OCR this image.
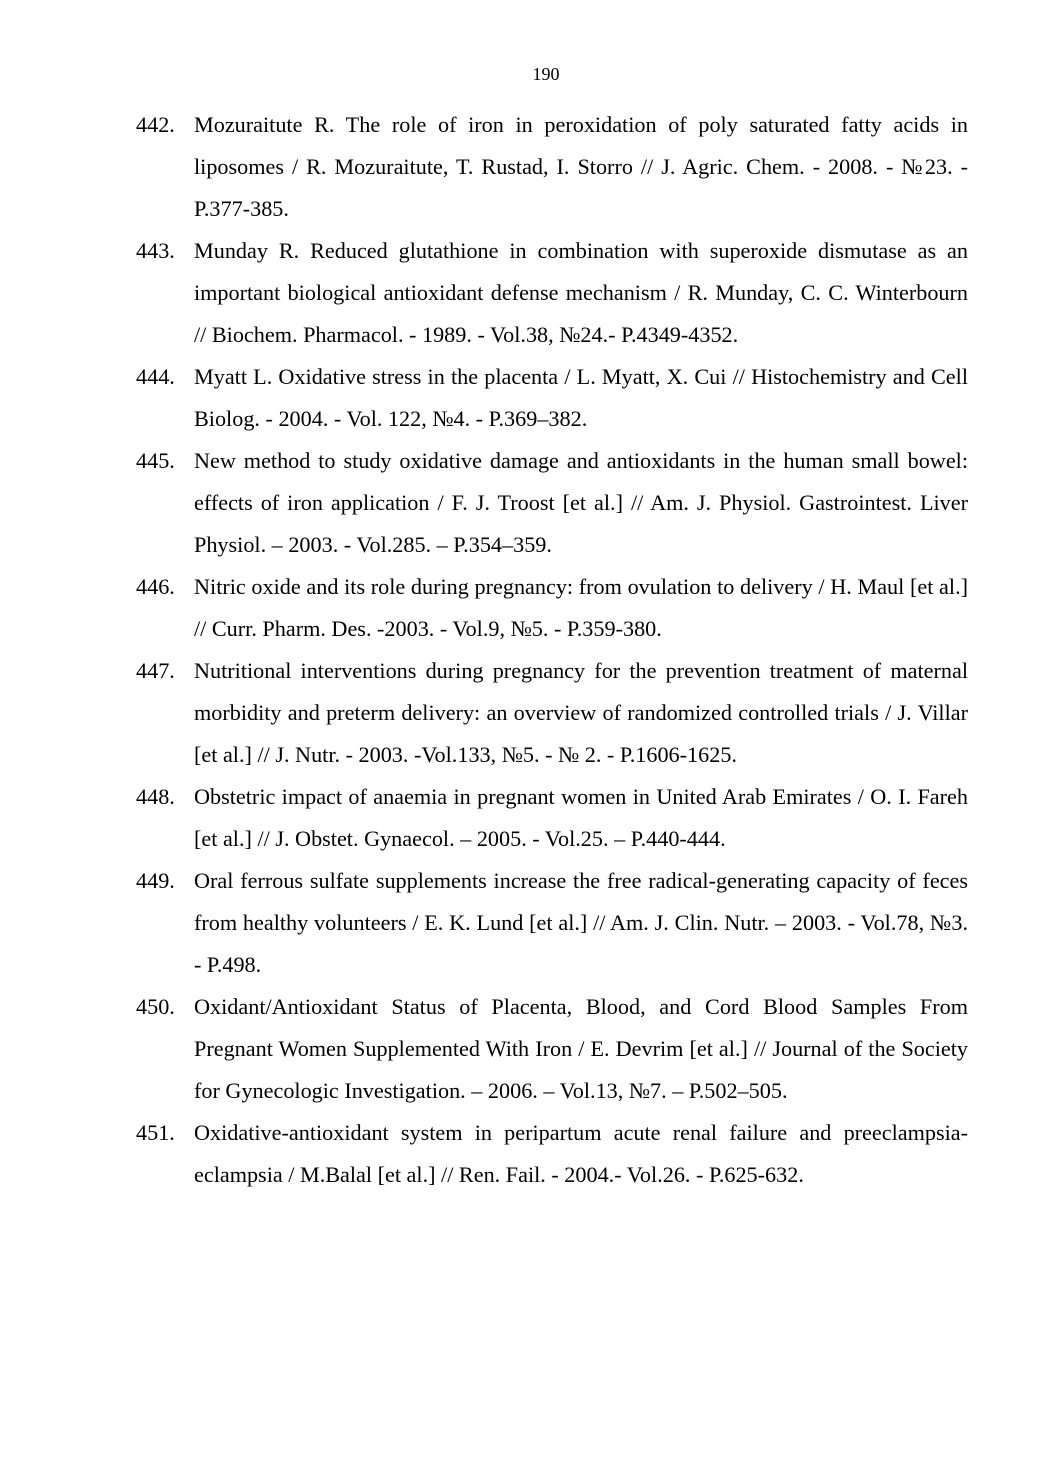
190
442. Mozuraitute R. The role of iron in peroxidation of poly saturated fatty acids in liposomes / R. Mozuraitute, T. Rustad, I. Storro // J. Agric. Chem. - 2008. - №23. - P.377-385.
443. Munday R. Reduced glutathione in combination with superoxide dismutase as an important biological antioxidant defense mechanism / R. Munday, C. C. Winterbourn // Biochem. Pharmacol. - 1989. - Vol.38, №24.- P.4349-4352.
444. Myatt L. Oxidative stress in the placenta / L. Myatt, X. Cui // Histochemistry and Cell Biolog. - 2004. - Vol. 122, №4. - P.369–382.
445. New method to study oxidative damage and antioxidants in the human small bowel: effects of iron application / F. J. Troost [et al.] // Am. J. Physiol. Gastrointest. Liver Physiol. – 2003. - Vol.285. – P.354–359.
446. Nitric oxide and its role during pregnancy: from ovulation to delivery / H. Maul [et al.] // Curr. Pharm. Des. -2003. - Vol.9, №5. - P.359-380.
447. Nutritional interventions during pregnancy for the prevention treatment of maternal morbidity and preterm delivery: an overview of randomized controlled trials / J. Villar [et al.] // J. Nutr. - 2003. -Vol.133, №5. - № 2. - P.1606-1625.
448. Obstetric impact of anaemia in pregnant women in United Arab Emirates / O. I. Fareh [et al.] // J. Obstet. Gynaecol. – 2005. - Vol.25. – P.440-444.
449. Oral ferrous sulfate supplements increase the free radical-generating capacity of feces from healthy volunteers / E. K. Lund [et al.] // Am. J. Clin. Nutr. – 2003. - Vol.78, №3. - P.498.
450. Oxidant/Antioxidant Status of Placenta, Blood, and Cord Blood Samples From Pregnant Women Supplemented With Iron / E. Devrim [et al.] // Journal of the Society for Gynecologic Investigation. – 2006. – Vol.13, №7. – P.502–505.
451. Oxidative-antioxidant system in peripartum acute renal failure and preeclampsia-eclampsia / M.Balal [et al.] // Ren. Fail. - 2004.- Vol.26. - P.625-632.
